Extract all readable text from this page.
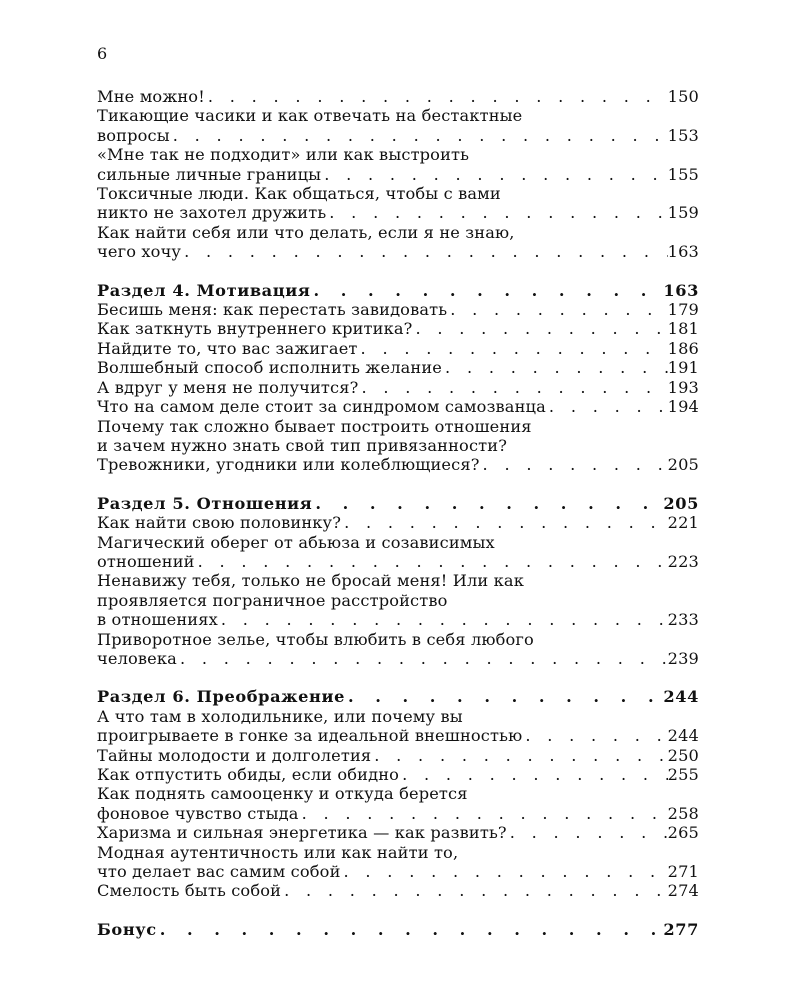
6
Мне можно! . . .	150
Тикающие часики и как отвечать на бестактные
вопросы . . .	153
«Мне так не подходит» или как выстроить
сильные личные границы . . .	155
Токсичные люди. Как общаться, чтобы с вами
никто не захотел дружить . . .	159
Как найти себя или что делать, если я не знаю,
чего хочу . . .	163
Раздел 4. Мотивация . . .	163
Бесишь меня: как перестать завидовать . . .	179
Как заткнуть внутреннего критика? . . .	181
Найдите то, что вас зажигает . . .	186
Волшебный способ исполнить желание . . .	191
А вдруг у меня не получится? . . .	193
Что на самом деле стоит за синдромом самозванца . . .	194
Почему так сложно бывает построить отношения
и зачем нужно знать свой тип привязанности?
Тревожники, угодники или колеблющиеся? . . .	205
Раздел 5. Отношения . . .	205
Как найти свою половинку? . . .	221
Магический оберег от абьюза и созависимых
отношений . . .	223
Ненавижу тебя, только не бросай меня! Или как
проявляется пограничное расстройство
в отношениях . . .	233
Приворотное зелье, чтобы влюбить в себя любого
человека . . .	239
Раздел 6. Преображение . . .	244
А что там в холодильнике, или почему вы
проигрываете в гонке за идеальной внешностью . . .	244
Тайны молодости и долголетия . . .	250
Как отпустить обиды, если обидно . . .	255
Как поднять самооценку и откуда берется
фоновое чувство стыда . . .	258
Харизма и сильная энергетика — как развить? . . .	265
Модная аутентичность или как найти то,
что делает вас самим собой . . .	271
Смелость быть собой . . .	274
Бонус . . .	277
